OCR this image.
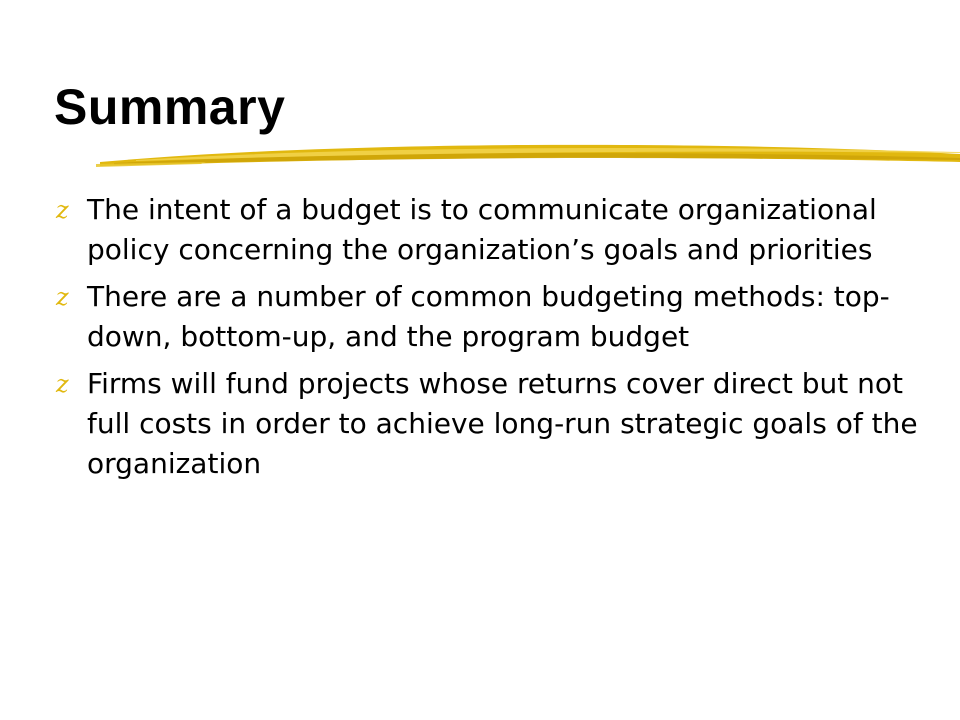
Summary
z The intent of a budget is to communicate organizational policy concerning the organization’s goals and priorities
z There are a number of common budgeting methods: top-down, bottom-up, and the program budget
z Firms will fund projects whose returns cover direct but not full costs in order to achieve long-run strategic goals of the organization
